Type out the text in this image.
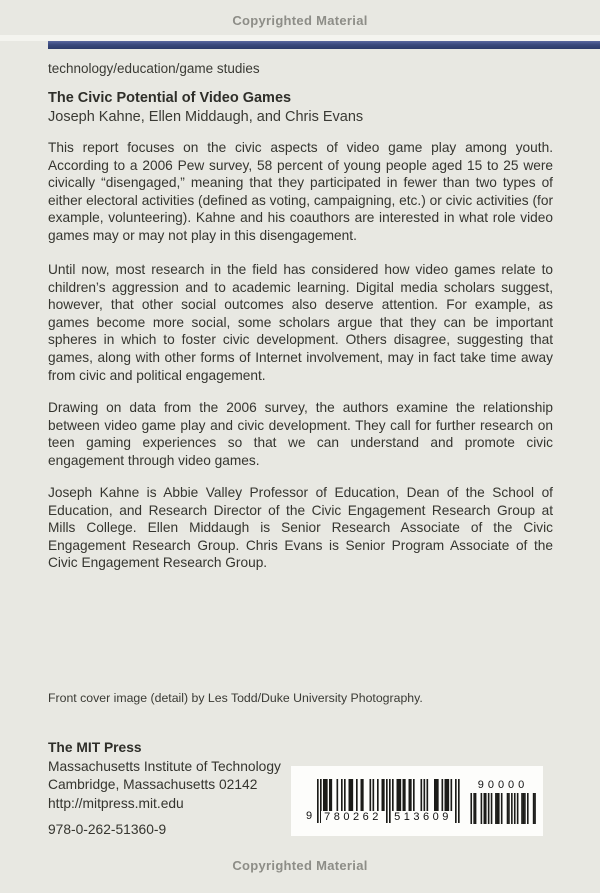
Copyrighted Material
technology/education/game studies
The Civic Potential of Video Games
Joseph Kahne, Ellen Middaugh, and Chris Evans

This report focuses on the civic aspects of video game play among youth. According to a 2006 Pew survey, 58 percent of young people aged 15 to 25 were civically “disengaged,” meaning that they participated in fewer than two types of either electoral activities (defined as voting, campaigning, etc.) or civic activities (for example, volunteering). Kahne and his coauthors are interested in what role video games may or may not play in this disengagement.

Until now, most research in the field has considered how video games relate to children’s aggression and to academic learning. Digital media scholars suggest, however, that other social outcomes also deserve attention. For example, as games become more social, some scholars argue that they can be important spheres in which to foster civic development. Others disagree, suggesting that games, along with other forms of Internet involvement, may in fact take time away from civic and political engagement.

Drawing on data from the 2006 survey, the authors examine the relationship between video game play and civic development. They call for further research on teen gaming experiences so that we can understand and promote civic engagement through video games.

Joseph Kahne is Abbie Valley Professor of Education, Dean of the School of Education, and Research Director of the Civic Engagement Research Group at Mills College. Ellen Middaugh is Senior Research Associate of the Civic Engagement Research Group. Chris Evans is Senior Program Associate of the Civic Engagement Research Group.

Front cover image (detail) by Les Todd/Duke University Photography.
The MIT Press
Massachusetts Institute of Technology
Cambridge, Massachusetts 02142
http://mitpress.mit.edu
978-0-262-51360-9
9 780262 513609
90000
Copyrighted Material
